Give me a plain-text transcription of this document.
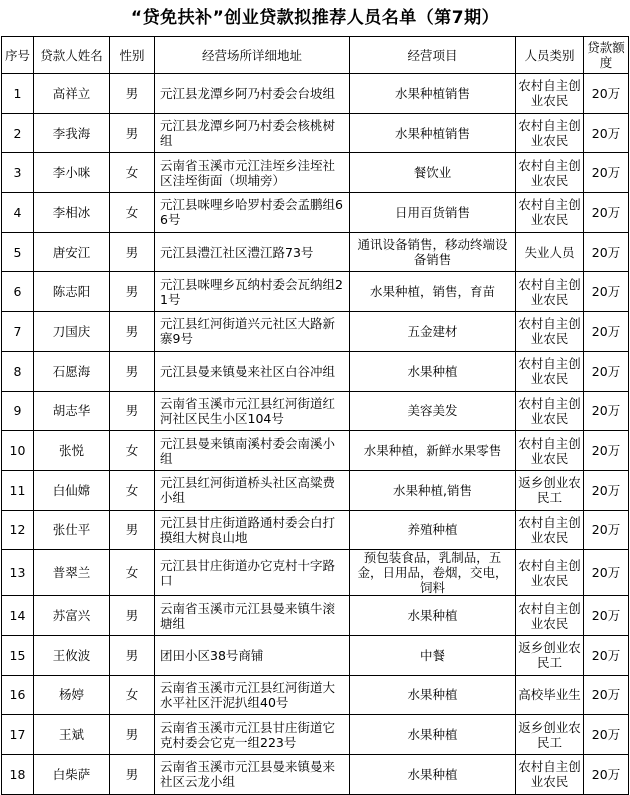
“贷免扶补”创业贷款拟推荐人员名单（第7期）
序号	贷款人姓名	性别	经营场所详细地址	经营项目	人员类别	贷款额度
1	高祥立	男	元江县龙潭乡阿乃村委会台坡组	水果种植销售	农村自主创业农民	20万
2	李我海	男	元江县龙潭乡阿乃村委会核桃树组	水果种植销售	农村自主创业农民	20万
3	李小咪	女	云南省玉溪市元江洼垤乡洼垤社区洼垤街面（坝埔旁）	餐饮业	农村自主创业农民	20万
4	李相冰	女	元江县咪哩乡哈罗村委会孟鹏组66号	日用百货销售	农村自主创业农民	20万
5	唐安江	男	元江县澧江社区澧江路73号	通讯设备销售，移动终端设备销售	失业人员	20万
6	陈志阳	男	元江县咪哩乡瓦纳村委会瓦纳组21号	水果种植，销售，育苗	农村自主创业农民	20万
7	刀国庆	男	元江县红河街道兴元社区大路新寨9号	五金建材	农村自主创业农民	20万
8	石愿海	男	元江县曼来镇曼来社区白谷冲组	水果种植	农村自主创业农民	20万
9	胡志华	男	云南省玉溪市元江县红河街道红河社区民生小区104号	美容美发	农村自主创业农民	20万
10	张悦	女	元江县曼来镇南溪村委会南溪小组	水果种植，新鲜水果零售	农村自主创业农民	20万
11	白仙嫦	女	元江县红河街道桥头社区高粱费小组	水果种植,销售	返乡创业农民工	20万
12	张仕平	男	元江县甘庄街道路通村委会白打摸组大树良山地	养殖种植	农村自主创业农民	20万
13	普翠兰	女	元江县甘庄街道办它克村十字路口	预包装食品，乳制品，五金，日用品，卷烟，交电，饲料	农村自主创业农民	20万
14	苏富兴	男	云南省玉溪市元江县曼来镇牛滚塘组	水果种植	农村自主创业农民	20万
15	王攸波	男	团田小区38号商铺	中餐	返乡创业农民工	20万
16	杨婷	女	云南省玉溪市元江县红河街道大水平社区汗泥扒组40号	水果种植	高校毕业生	20万
17	王斌	男	云南省玉溪市元江县甘庄街道它克村委会它克一组223号	水果种植	返乡创业农民工	20万
18	白柴萨	男	云南省玉溪市元江县曼来镇曼来社区云龙小组	水果种植	农村自主创业农民	20万
